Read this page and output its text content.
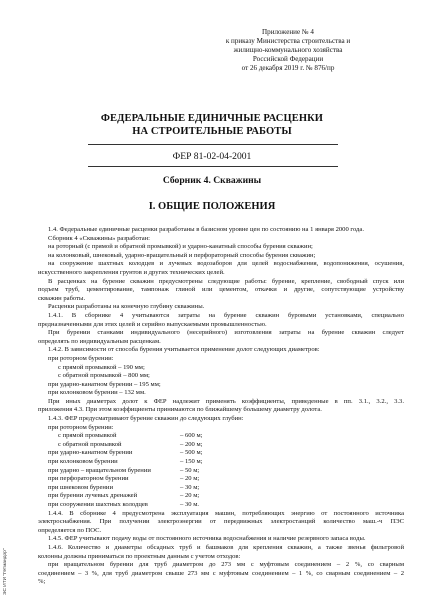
Приложение № 4
к приказу Министерства строительства и
жилищно-коммунального хозяйства
Российской Федерации
от 26 декабря 2019 г. № 876/пр
ФЕДЕРАЛЬНЫЕ ЕДИНИЧНЫЕ РАСЦЕНКИ
НА СТРОИТЕЛЬНЫЕ РАБОТЫ
ФЕР 81-02-04-2001
Сборник 4. Скважины
I. ОБЩИЕ ПОЛОЖЕНИЯ
1.4. Федеральные единичные расценки разработаны в базисном уровне цен по состоянию на 1 января 2000 года.
Сборник 4 «Скважины» разработан:
на роторный (с прямой и обратной промывкой) и ударно-канатный способы бурения скважин;
на колонковый, шнековый, ударно-вращательный и перфораторный способы бурения скважин;
на сооружение шахтных колодцев и лучевых водозаборов для целей водоснабжения, водопонижения, осушения,
искусственного закрепления грунтов и других технических целей.
В расценках на бурение скважин предусмотрены следующие работы: бурение, крепление, свободный спуск или
подъем труб, цементирование, тампонаж глиной или цементом, откачки и другие, сопутствующие устройству
скважин работы.
Расценки разработаны на конечную глубину скважины.
1.4.1. В сборнике 4 учитываются затраты на бурение скважин буровыми установками, специально
предназначенными для этих целей и серийно выпускаемыми промышленностью.
При бурении станками индивидуального (несерийного) изготовления затраты на бурение скважин следует
определять по индивидуальным расценкам.
1.4.2. В зависимости от способа бурения учитывается применение долот следующих диаметров:
при роторном бурении:
с прямой промывкой – 190 мм;
с обратной промывкой – 800 мм;
при ударно-канатном бурении – 195 мм;
при колонковом бурении – 132 мм.
При иных диаметрах долот к ФЕР надлежит применять коэффициенты, приведенные в пп. 3.1., 3.2., 3.3.
приложения 4.3. При этом коэффициенты принимаются по ближайшему большему диаметру долота.
1.4.3. ФЕР предусматривают бурение скважин до следующих глубин:
при роторном бурении:
с прямой промывкой	– 600 м;
с обратной промывкой	– 200 м;
при ударно-канатном бурении	– 500 м;
при колонковом бурении	– 150 м;
при ударно – вращательном бурении	– 50 м;
при перфораторном бурении	– 20 м;
при шнековом бурении	– 30 м;
при бурении лучевых дренажей	– 20 м;
при сооружении шахтных колодцев	– 30 м.
1.4.4. В сборнике 4 предусмотрена эксплуатация машин, потребляющих энергию от постоянного источника
электроснабжения. При получении электроэнергии от передвижных электростанций количество маш.-ч ПЭС
определяется по ПОС.
1.4.5. ФЕР учитывают подачу воды от постоянного источника водоснабжения и наличие резервного запаса воды.
1.4.6. Количество и диаметры обсадных труб и башмаков для крепления скважин, а также звенья фильтровой
колонны должны приниматься по проектным данным с учетом отходов:
при вращательном бурении для труб диаметром до 273 мм с муфтовым соединением – 2 %, со сварным
соединением – 3 %, для труб диаметром свыше 273 мм с муфтовым соединением – 1 %, со сварным соединением – 2
%;
ЭС ИТИ "Гетмандор"
